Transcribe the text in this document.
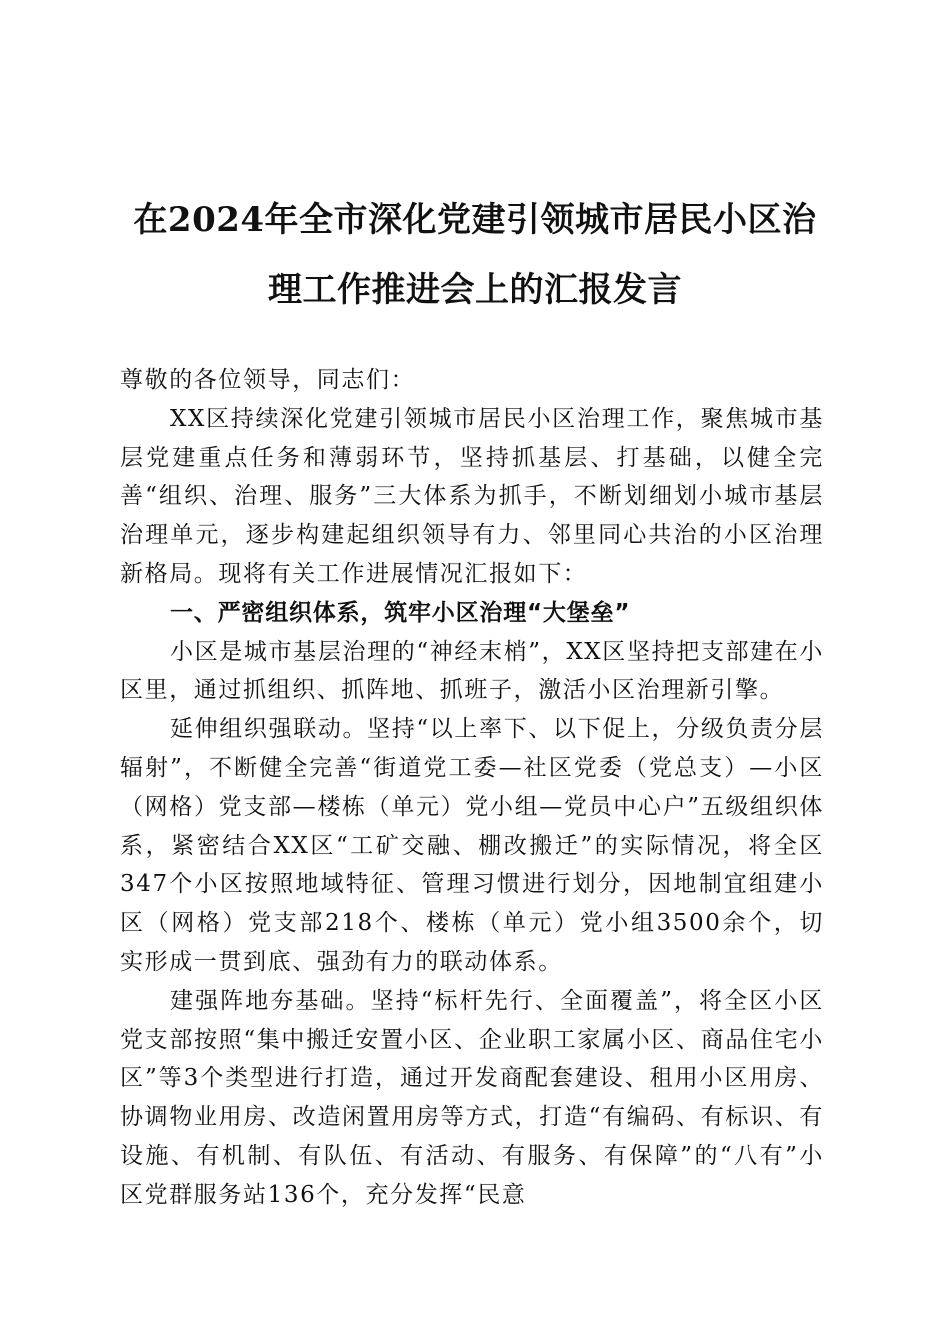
在2024年全市深化党建引领城市居民小区治
理工作推进会上的汇报发言

尊敬的各位领导，同志们：

XX区持续深化党建引领城市居民小区治理工作，聚焦城市基层党建重点任务和薄弱环节，坚持抓基层、打基础，以健全完善“组织、治理、服务”三大体系为抓手，不断划细划小城市基层治理单元，逐步构建起组织领导有力、邻里同心共治的小区治理新格局。现将有关工作进展情况汇报如下：

一、严密组织体系，筑牢小区治理“大堡垒”

小区是城市基层治理的“神经末梢”，XX区坚持把支部建在小区里，通过抓组织、抓阵地、抓班子，激活小区治理新引擎。

延伸组织强联动。坚持“以上率下、以下促上，分级负责分层辐射”，不断健全完善“街道党工委—社区党委（党总支）—小区（网格）党支部—楼栋（单元）党小组—党员中心户”五级组织体系，紧密结合XX区“工矿交融、棚改搬迁”的实际情况，将全区347个小区按照地域特征、管理习惯进行划分，因地制宜组建小区（网格）党支部218个、楼栋（单元）党小组3500余个，切实形成一贯到底、强劲有力的联动体系。

建强阵地夯基础。坚持“标杆先行、全面覆盖”，将全区小区党支部按照“集中搬迁安置小区、企业职工家属小区、商品住宅小区”等3个类型进行打造，通过开发商配套建设、租用小区用房、协调物业用房、改造闲置用房等方式，打造“有编码、有标识、有设施、有机制、有队伍、有活动、有服务、有保障”的“八有”小区党群服务站136个，充分发挥“民意
